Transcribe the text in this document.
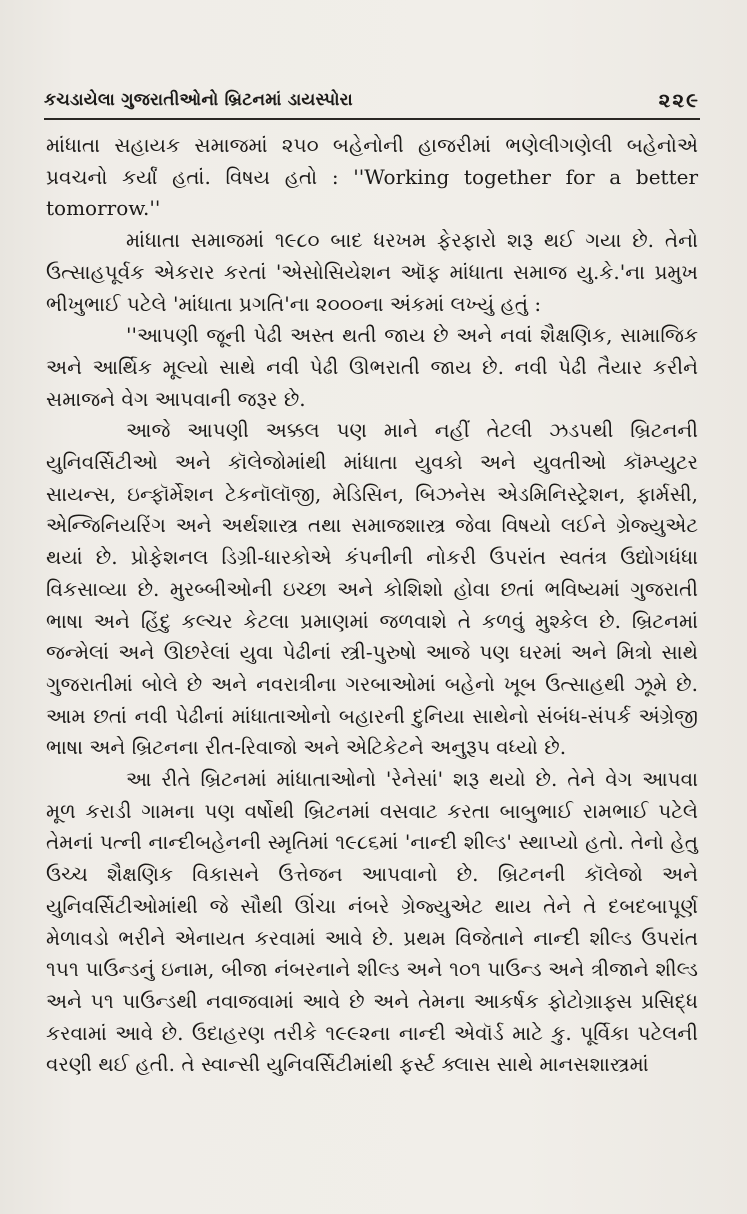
કચડાયેલા ગુજરાતીઓનો બ્રિટનમાં ડાયસ્પોરા	૨૨૯

માંધાતા સહાયક સમાજમાં ૨૫૦ બહેનોની હાજરીમાં ભણેલીગણેલી બહેનોએ પ્રવચનો કર્યાં હતાં. વિષય હતો : ''Working together for a better tomorrow.''

માંધાતા સમાજમાં ૧૯૮૦ બાદ ધરખમ ફેરફારો શરૂ થઈ ગયા છે. તેનો ઉત્સાહપૂર્વક એકરાર કરતાં 'એસોસિયેશન ઑફ માંધાતા સમાજ યુ.કે.'ના પ્રમુખ ભીખુભાઈ પટેલે 'માંધાતા પ્રગતિ'ના ૨૦૦૦ના અંકમાં લખ્યું હતું :

''આપણી જૂની પેઢી અસ્ત થતી જાય છે અને નવાં શૈક્ષણિક, સામાજિક અને આર્થિક મૂલ્યો સાથે નવી પેઢી ઊભરાતી જાય છે. નવી પેઢી તૈયાર કરીને સમાજને વેગ આપવાની જરૂર છે.

આજે આપણી અક્કલ પણ માને નહીં તેટલી ઝડપથી બ્રિટનની યુનિવર્સિટીઓ અને કૉલેજોમાંથી માંધાતા યુવકો અને યુવતીઓ કૉમ્પ્યુટર સાયન્સ, ઇન્ફૉર્મેશન ટેકનૉલૉજી, મેડિસિન, બિઝનેસ એડમિનિસ્ટ્રેશન, ફાર્મસી, એન્જિનિયરિંગ અને અર્થશાસ્ત્ર તથા સમાજશાસ્ત્ર જેવા વિષયો લઈને ગ્રેજ્યુએટ થયાં છે. પ્રોફેશનલ ડિગ્રી-ધારકોએ કંપનીની નોકરી ઉપરાંત સ્વતંત્ર ઉદ્યોગધંધા વિકસાવ્યા છે. મુરબ્બીઓની ઇચ્છા અને કોશિશો હોવા છતાં ભવિષ્યમાં ગુજરાતી ભાષા અને હિંદુ કલ્ચર કેટલા પ્રમાણમાં જળવાશે તે કળવું મુશ્કેલ છે. બ્રિટનમાં જન્મેલાં અને ઊછરેલાં યુવા પેઢીનાં સ્ત્રી-પુરુષો આજે પણ ઘરમાં અને મિત્રો સાથે ગુજરાતીમાં બોલે છે અને નવરાત્રીના ગરબાઓમાં બહેનો ખૂબ ઉત્સાહથી ઝૂમે છે. આમ છતાં નવી પેઢીનાં માંધાતાઓનો બહારની દુનિયા સાથેનો સંબંધ-સંપર્ક અંગ્રેજી ભાષા અને બ્રિટનના રીત-રિવાજો અને એટિકેટને અનુરૂપ વધ્યો છે.

આ રીતે બ્રિટનમાં માંધાતાઓનો 'રેનેસાં' શરૂ થયો છે. તેને વેગ આપવા મૂળ કરાડી ગામના પણ વર્ષોથી બ્રિટનમાં વસવાટ કરતા બાબુભાઈ રામભાઈ પટેલે તેમનાં પત્ની નાન્દીબહેનની સ્મૃતિમાં ૧૯૮૬માં 'નાન્દી શીલ્ડ' સ્થાપ્યો હતો. તેનો હેતુ ઉચ્ચ શૈક્ષણિક વિકાસને ઉત્તેજન આપવાનો છે. બ્રિટનની કૉલેજો અને યુનિવર્સિટીઓમાંથી જે સૌથી ઊંચા નંબરે ગ્રેજ્યુએટ થાય તેને તે દબદબાપૂર્ણ મેળાવડો ભરીને એનાયત કરવામાં આવે છે. પ્રથમ વિજેતાને નાન્દી શીલ્ડ ઉપરાંત ૧૫૧ પાઉન્ડનું ઇનામ, બીજા નંબરનાને શીલ્ડ અને ૧૦૧ પાઉન્ડ અને ત્રીજાને શીલ્ડ અને ૫૧ પાઉન્ડથી નવાજવામાં આવે છે અને તેમના આકર્ષક ફોટોગ્રાફ્સ પ્રસિદ્ધ કરવામાં આવે છે. ઉદાહરણ તરીકે ૧૯૯૨ના નાન્દી એવૉર્ડ માટે કુ. પૂર્વિકા પટેલની વરણી થઈ હતી. તે સ્વાન્સી યુનિવર્સિટીમાંથી ફર્સ્ટ ક્લાસ સાથે માનસશાસ્ત્રમાં
